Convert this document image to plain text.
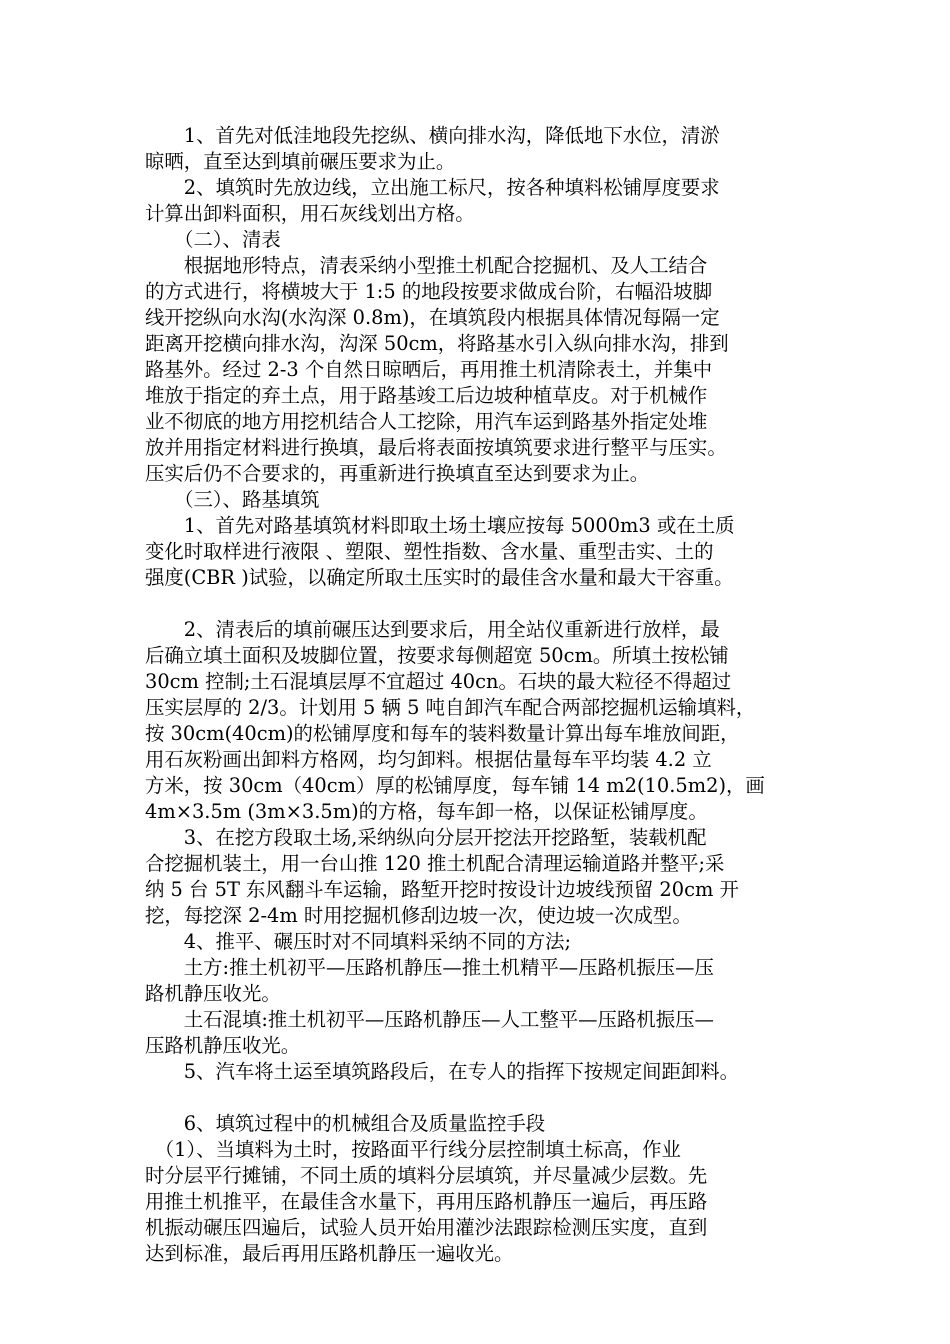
　　1、首先对低洼地段先挖纵、横向排水沟，降低地下水位，清淤
晾晒，直至达到填前碾压要求为止。
　　2、填筑时先放边线，立出施工标尺，按各种填料松铺厚度要求
计算出卸料面积，用石灰线划出方格。
　　（二）、清表
　　根据地形特点，清表采纳小型推土机配合挖掘机、及人工结合
的方式进行，将横坡大于 1:5 的地段按要求做成台阶，右幅沿坡脚
线开挖纵向水沟(水沟深 0.8m)，在填筑段内根据具体情况每隔一定
距离开挖横向排水沟，沟深 50cm，将路基水引入纵向排水沟，排到
路基外。经过 2-3 个自然日晾晒后，再用推土机清除表土，并集中
堆放于指定的弃土点，用于路基竣工后边坡种植草皮。对于机械作
业不彻底的地方用挖机结合人工挖除，用汽车运到路基外指定处堆
放并用指定材料进行换填，最后将表面按填筑要求进行整平与压实。
压实后仍不合要求的，再重新进行换填直至达到要求为止。
　　（三）、路基填筑
　　1、首先对路基填筑材料即取土场土壤应按每 5000m3 或在土质
变化时取样进行液限 、塑限、塑性指数、含水量、重型击实、土的
强度(CBR )试验，以确定所取土压实时的最佳含水量和最大干容重。
　　2、清表后的填前碾压达到要求后，用全站仪重新进行放样，最
后确立填土面积及坡脚位置，按要求每侧超宽 50cm。所填土按松铺
30cm 控制;土石混填层厚不宜超过 40cn。石块的最大粒径不得超过
压实层厚的 2/3。计划用 5 辆 5 吨自卸汽车配合两部挖掘机运输填料，
按 30cm(40cm)的松铺厚度和每车的装料数量计算出每车堆放间距，
用石灰粉画出卸料方格网，均匀卸料。根据估量每车平均装 4.2 立
方米，按 30cm（40cm）厚的松铺厚度，每车铺 14 m2(10.5m2)，画
4m×3.5m (3m×3.5m)的方格，每车卸一格，以保证松铺厚度。
　　3、在挖方段取土场,采纳纵向分层开挖法开挖路堑，装载机配
合挖掘机装土，用一台山推 120 推土机配合清理运输道路并整平;采
纳 5 台 5T 东风翻斗车运输，路堑开挖时按设计边坡线预留 20cm 开
挖，每挖深 2-4m 时用挖掘机修刮边坡一次，使边坡一次成型。
　　4、推平、碾压时对不同填料采纳不同的方法;
　　土方:推土机初平—压路机静压—推土机精平—压路机振压—压
路机静压收光。
　　土石混填:推土机初平—压路机静压—人工整平—压路机振压—
压路机静压收光。
　　5、汽车将土运至填筑路段后，在专人的指挥下按规定间距卸料。
　　6、填筑过程中的机械组合及质量监控手段
　（1）、当填料为土时，按路面平行线分层控制填土标高，作业
时分层平行摊铺，不同土质的填料分层填筑，并尽量减少层数。先
用推土机推平，在最佳含水量下，再用压路机静压一遍后，再压路
机振动碾压四遍后，试验人员开始用灌沙法跟踪检测压实度，直到
达到标准，最后再用压路机静压一遍收光。
